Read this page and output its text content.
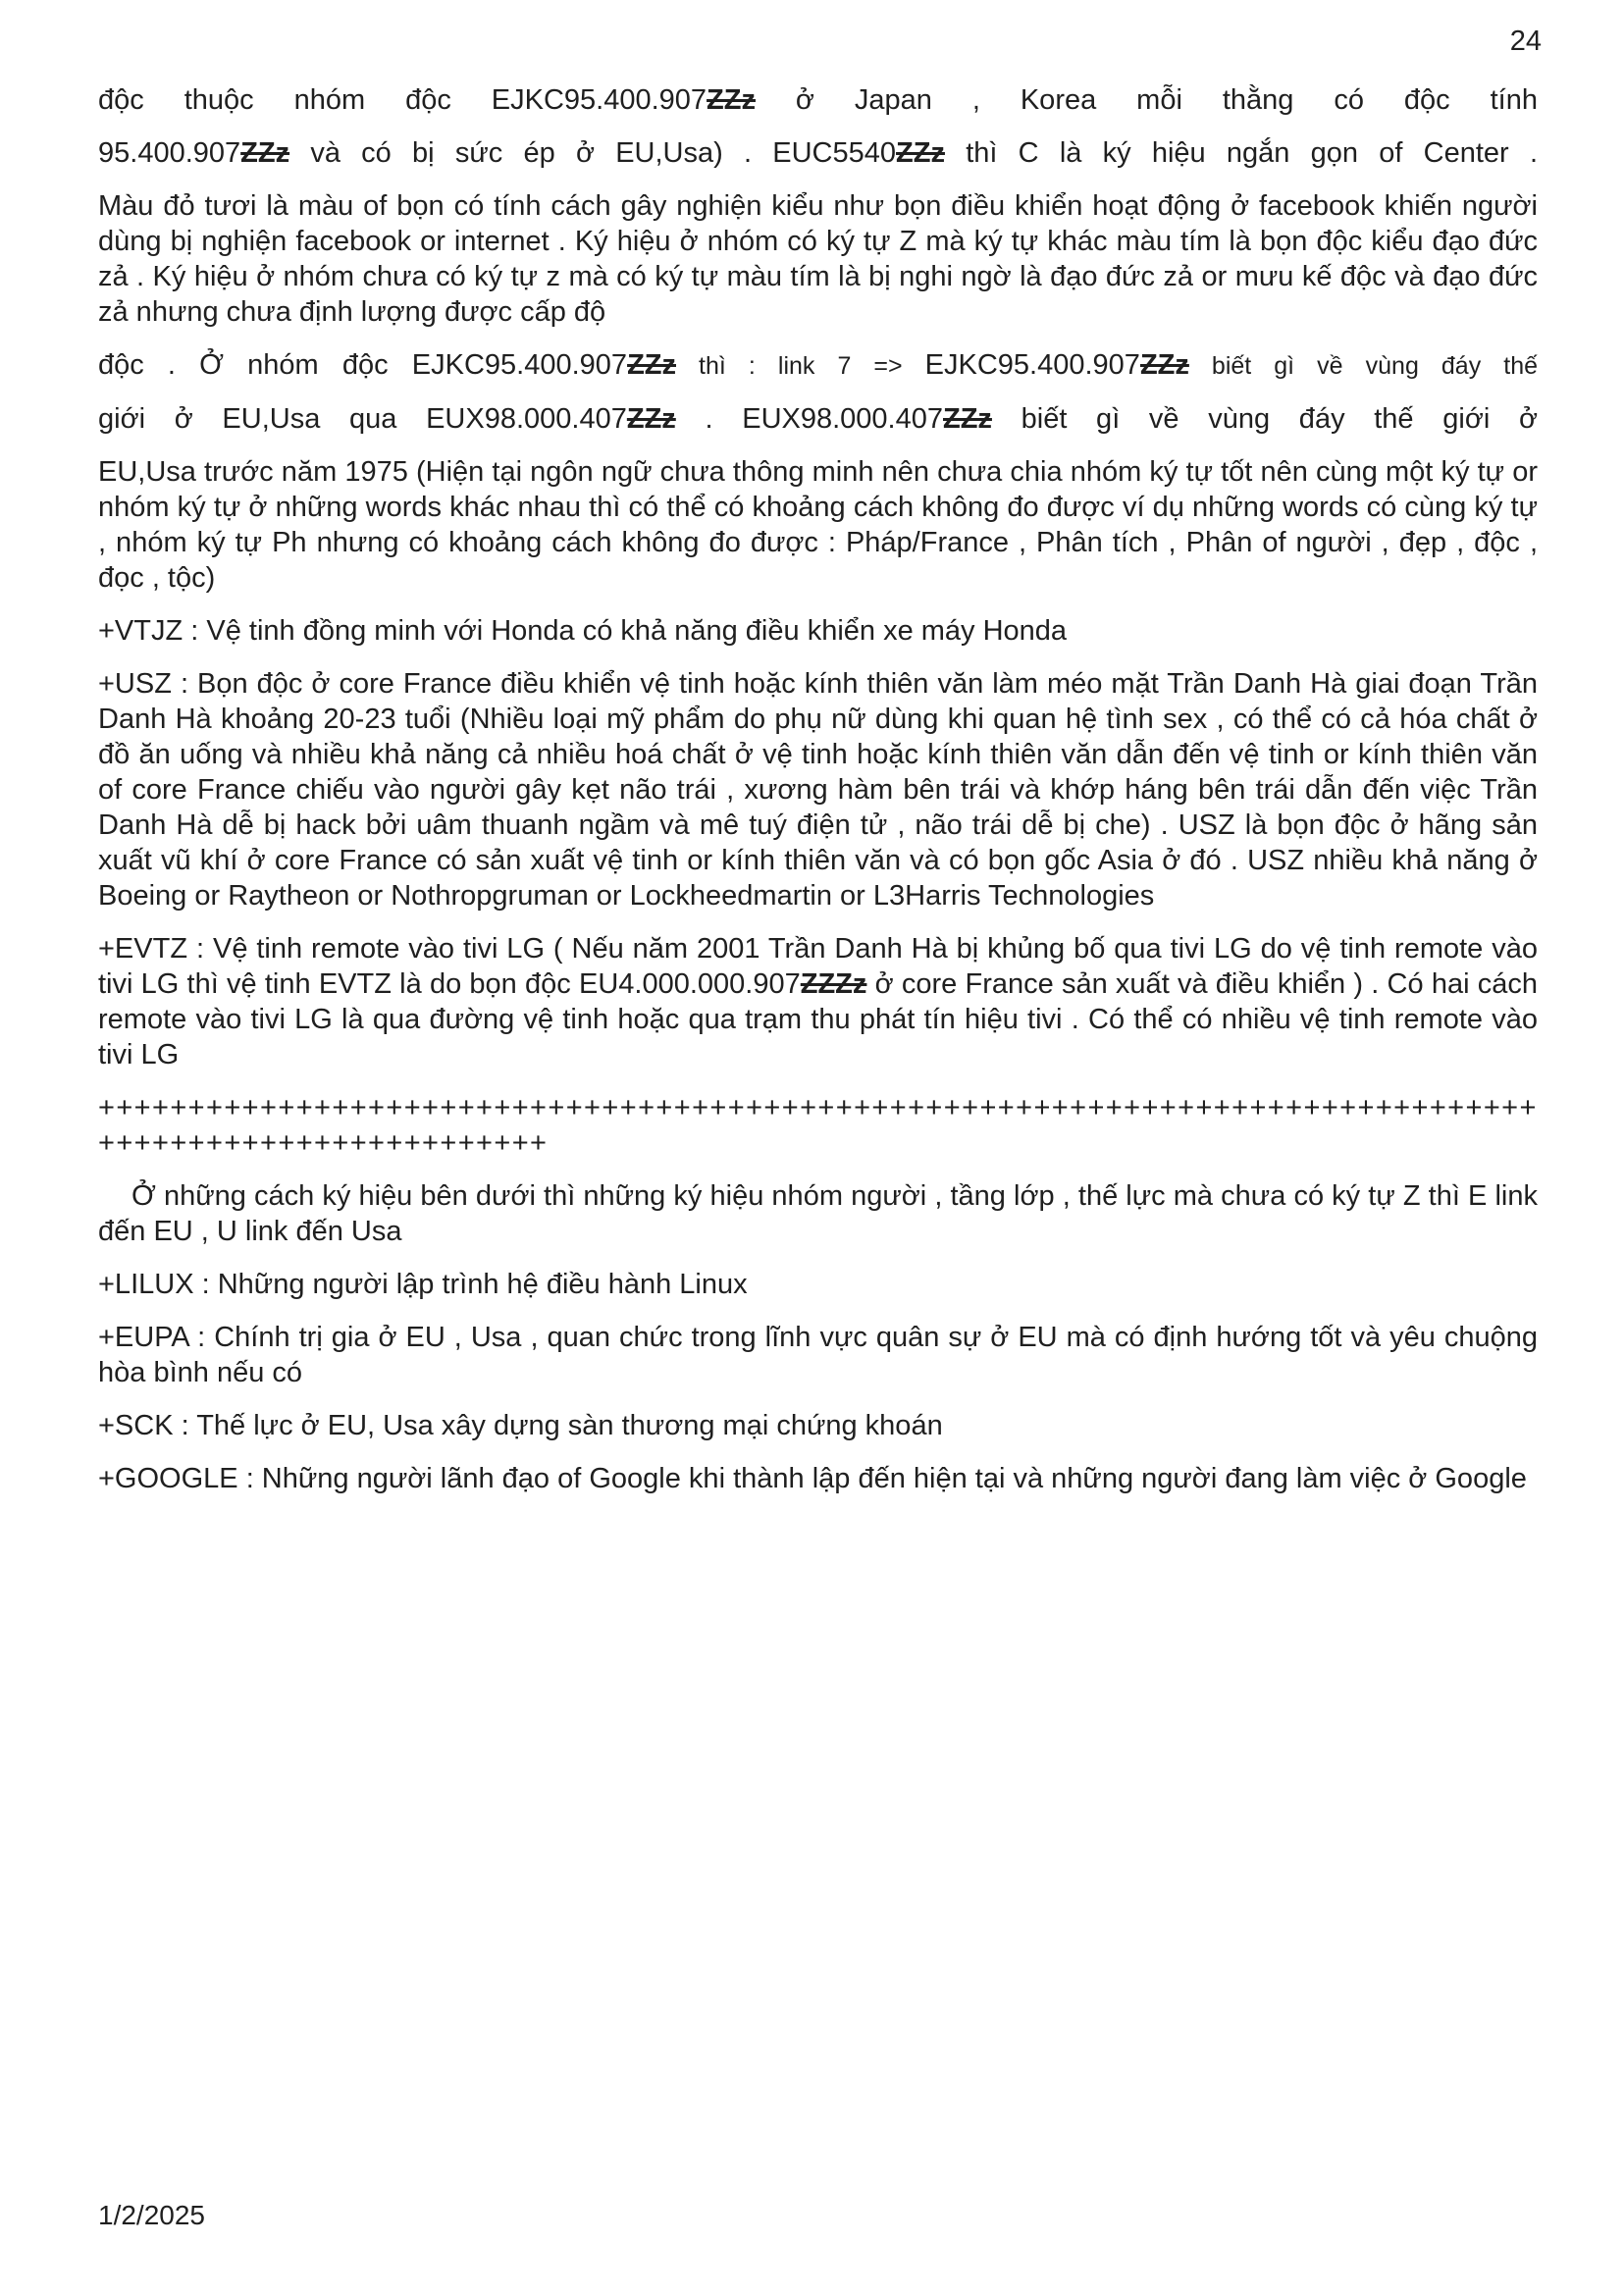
24

độc thuộc nhóm độc EJKC95.400.907ZZz ở Japan , Korea mỗi thằng có độc tính

95.400.907ZZz và có bị sức ép ở EU,Usa) . EUC5540ZZz thì C là ký hiệu ngắn gọn of Center .

Màu đỏ tươi là màu of bọn có tính cách gây nghiện kiểu như bọn điều khiển hoạt động ở facebook khiến người dùng bị nghiện facebook or internet . Ký hiệu ở nhóm có ký tự Z mà ký tự khác màu tím là bọn độc kiểu đạo đức zả . Ký hiệu ở nhóm chưa có ký tự z mà có ký tự màu tím là bị nghi ngờ là đạo đức zả or mưu kế độc và đạo đức zả nhưng chưa định lượng được cấp độ

độc . Ở nhóm độc EJKC95.400.907ZZz thì : link 7 => EJKC95.400.907ZZz biết gì về vùng đáy thế

giới ở EU,Usa qua EUX98.000.407ZZz . EUX98.000.407ZZz biết gì về vùng đáy thế giới ở

EU,Usa trước năm 1975 (Hiện tại ngôn ngữ chưa thông minh nên chưa chia nhóm ký tự tốt nên cùng một ký tự or nhóm ký tự ở những words khác nhau thì có thể có khoảng cách không đo được ví dụ những words có cùng ký tự , nhóm ký tự Ph nhưng có khoảng cách không đo được : Pháp/France , Phân tích , Phân of người , đẹp , độc , đọc , tộc)

+VTJZ : Vệ tinh đồng minh với Honda có khả năng điều khiển xe máy Honda

+USZ : Bọn độc ở core France điều khiển vệ tinh hoặc kính thiên văn làm méo mặt Trần Danh Hà giai đoạn Trần Danh Hà khoảng 20-23 tuổi (Nhiều loại mỹ phẩm do phụ nữ dùng khi quan hệ tình sex , có thể có cả hóa chất ở đồ ăn uống và nhiều khả năng cả nhiều hoá chất ở vệ tinh hoặc kính thiên văn dẫn đến vệ tinh or kính thiên văn of core France chiếu vào người gây kẹt não trái , xương hàm bên trái và khớp háng bên trái dẫn đến việc Trần Danh Hà dễ bị hack bởi uâm thuanh ngầm và mê tuý điện tử , não trái dễ bị che) . USZ là bọn độc ở hãng sản xuất vũ khí ở core France có sản xuất vệ tinh or kính thiên văn và có bọn gốc Asia ở đó . USZ nhiều khả năng ở Boeing or Raytheon or Nothropgruman or Lockheedmartin or L3Harris Technologies

+EVTZ : Vệ tinh remote vào tivi LG ( Nếu năm 2001 Trần Danh Hà bị khủng bố qua tivi LG do vệ tinh remote vào tivi LG thì vệ tinh EVTZ là do bọn độc EU4.000.000.907ZZZz ở core France sản xuất và điều khiển ) . Có hai cách remote vào tivi LG là qua đường vệ tinh hoặc qua trạm thu phát tín hiệu tivi . Có thể có nhiều vệ tinh remote vào tivi LG

++++++++++++++++++++++++++++++++++++++++++++++++++++++++++++++++++++++++++++++++
+++++++++++++++++++++++++

Ở những cách ký hiệu bên dưới thì những ký hiệu nhóm người , tầng lớp , thế lực mà chưa có ký tự Z thì E link đến EU , U link đến Usa

+LILUX : Những người lập trình hệ điều hành Linux

+EUPA : Chính trị gia ở EU , Usa , quan chức trong lĩnh vực quân sự ở EU mà có định hướng tốt và yêu chuộng hòa bình nếu có

+SCK : Thế lực ở EU, Usa xây dựng sàn thương mại chứng khoán

+GOOGLE : Những người lãnh đạo of Google khi thành lập đến hiện tại và những người đang làm việc ở Google

1/2/2025
